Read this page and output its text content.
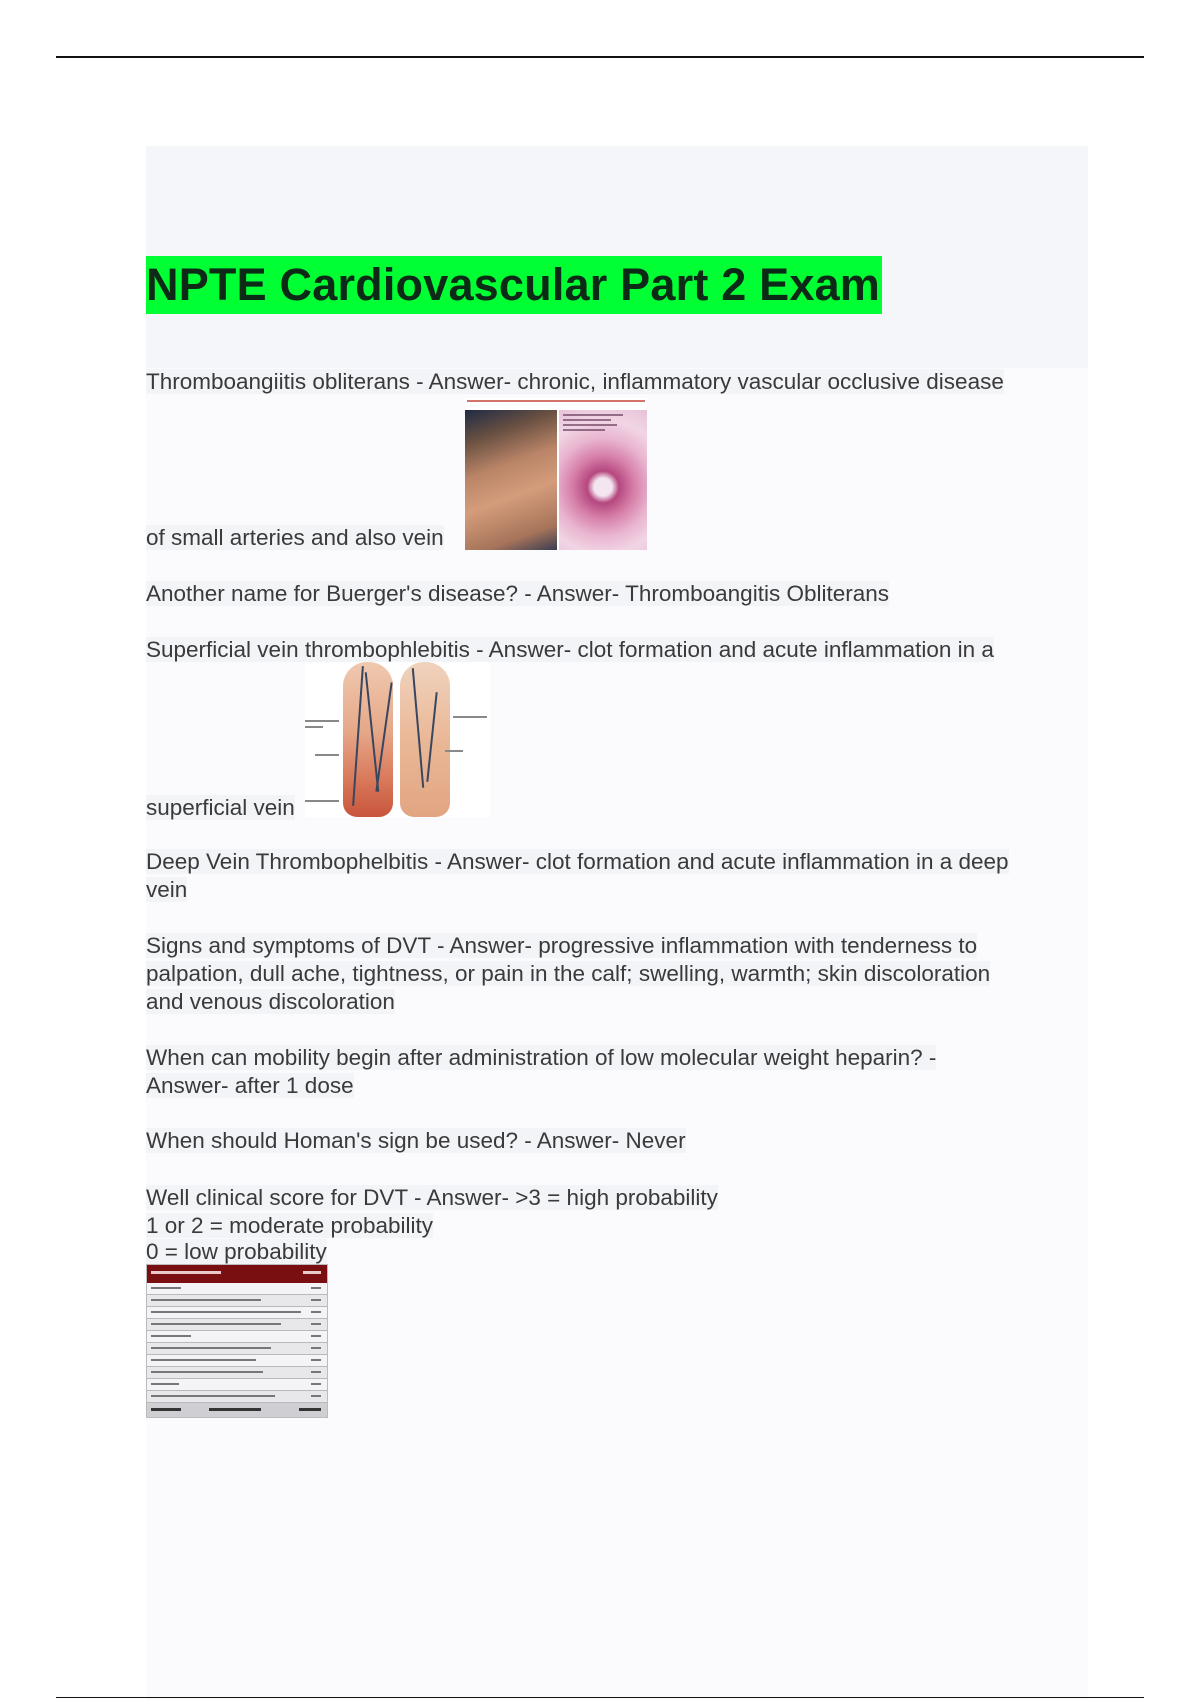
NPTE Cardiovascular Part 2 Exam
Thromboangiitis obliterans - Answer- chronic, inflammatory vascular occlusive disease
of small arteries and also vein
Another name for Buerger's disease? - Answer- Thromboangitis Obliterans
Superficial vein thrombophlebitis - Answer- clot formation and acute inflammation in a
superficial vein
Deep Vein Thrombophelbitis - Answer- clot formation and acute inflammation in a deep
vein
Signs and symptoms of DVT - Answer- progressive inflammation with tenderness to
palpation, dull ache, tightness, or pain in the calf; swelling, warmth; skin discoloration
and venous discoloration
When can mobility begin after administration of low molecular weight heparin? -
Answer- after 1 dose
When should Homan's sign be used? - Answer- Never
Well clinical score for DVT - Answer- >3 = high probability
1 or 2 = moderate probability
0 = low probability
